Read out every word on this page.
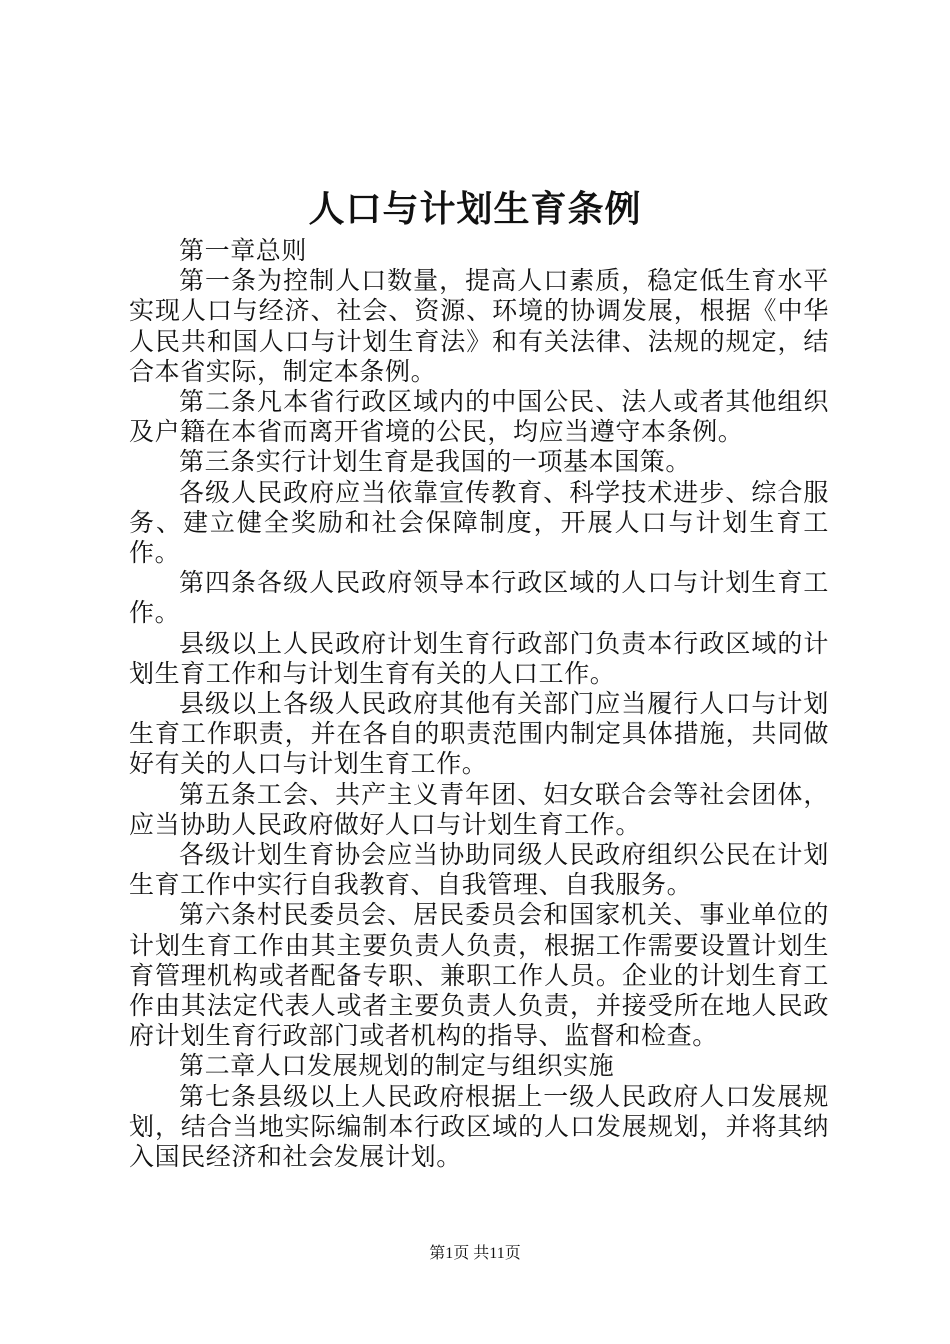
人口与计划生育条例

第一章总则

第一条为控制人口数量，提高人口素质，稳定低生育水平实现人口与经济、社会、资源、环境的协调发展，根据《中华人民共和国人口与计划生育法》和有关法律、法规的规定，结合本省实际，制定本条例。

第二条凡本省行政区域内的中国公民、法人或者其他组织及户籍在本省而离开省境的公民，均应当遵守本条例。

第三条实行计划生育是我国的一项基本国策。

各级人民政府应当依靠宣传教育、科学技术进步、综合服务、建立健全奖励和社会保障制度，开展人口与计划生育工作。

第四条各级人民政府领导本行政区域的人口与计划生育工作。

县级以上人民政府计划生育行政部门负责本行政区域的计划生育工作和与计划生育有关的人口工作。

县级以上各级人民政府其他有关部门应当履行人口与计划生育工作职责，并在各自的职责范围内制定具体措施，共同做好有关的人口与计划生育工作。

第五条工会、共产主义青年团、妇女联合会等社会团体，应当协助人民政府做好人口与计划生育工作。

各级计划生育协会应当协助同级人民政府组织公民在计划生育工作中实行自我教育、自我管理、自我服务。

第六条村民委员会、居民委员会和国家机关、事业单位的计划生育工作由其主要负责人负责，根据工作需要设置计划生育管理机构或者配备专职、兼职工作人员。企业的计划生育工作由其法定代表人或者主要负责人负责，并接受所在地人民政府计划生育行政部门或者机构的指导、监督和检查。

第二章人口发展规划的制定与组织实施

第七条县级以上人民政府根据上一级人民政府人口发展规划，结合当地实际编制本行政区域的人口发展规划，并将其纳入国民经济和社会发展计划。

第1页 共11页
